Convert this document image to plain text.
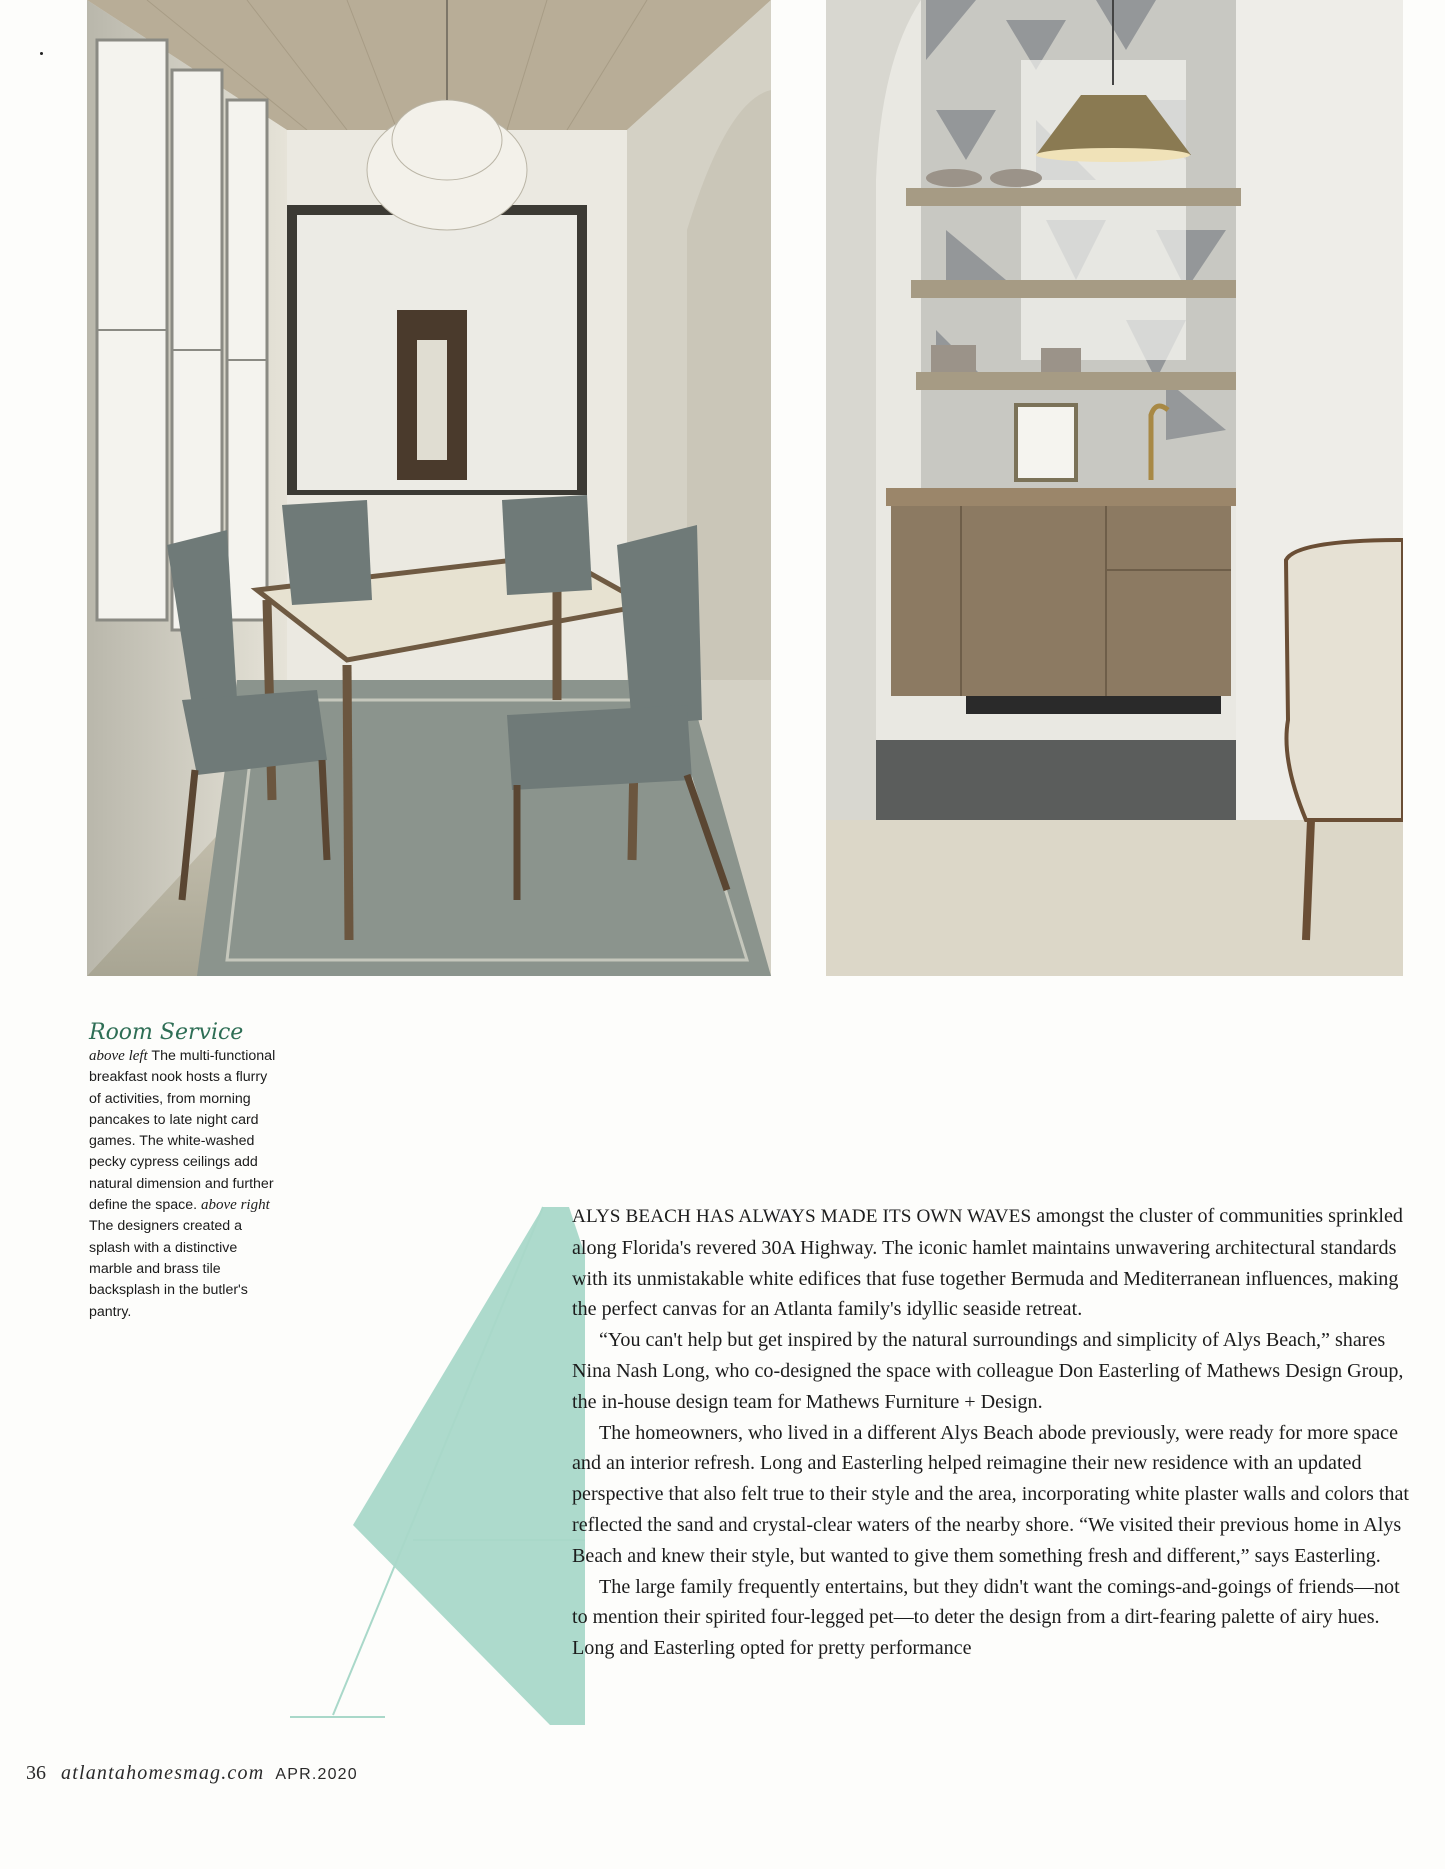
Room Service
above left The multi-functional breakfast nook hosts a flurry of activities, from morning pancakes to late night card games. The white-washed pecky cypress ceilings add natural dimension and further define the space. above right The designers created a splash with a distinctive marble and brass tile backsplash in the butler's pantry.

ALYS BEACH HAS ALWAYS MADE ITS OWN WAVES amongst the cluster of communities sprinkled along Florida's revered 30A Highway. The iconic hamlet maintains unwavering architectural standards with its unmistakable white edifices that fuse together Bermuda and Mediterranean influences, making the perfect canvas for an Atlanta family's idyllic seaside retreat.

“You can't help but get inspired by the natural surroundings and simplicity of Alys Beach,” shares Nina Nash Long, who co-designed the space with colleague Don Easterling of Mathews Design Group, the in-house design team for Mathews Furniture + Design.

The homeowners, who lived in a different Alys Beach abode previously, were ready for more space and an interior refresh. Long and Easterling helped reimagine their new residence with an updated perspective that also felt true to their style and the area, incorporating white plaster walls and colors that reflected the sand and crystal-clear waters of the nearby shore. “We visited their previous home in Alys Beach and knew their style, but wanted to give them something fresh and different,” says Easterling.

The large family frequently entertains, but they didn't want the comings-and-goings of friends—not to mention their spirited four-legged pet—to deter the design from a dirt-fearing palette of airy hues. Long and Easterling opted for pretty performance

36 atlantahomesmag.com APR.2020
